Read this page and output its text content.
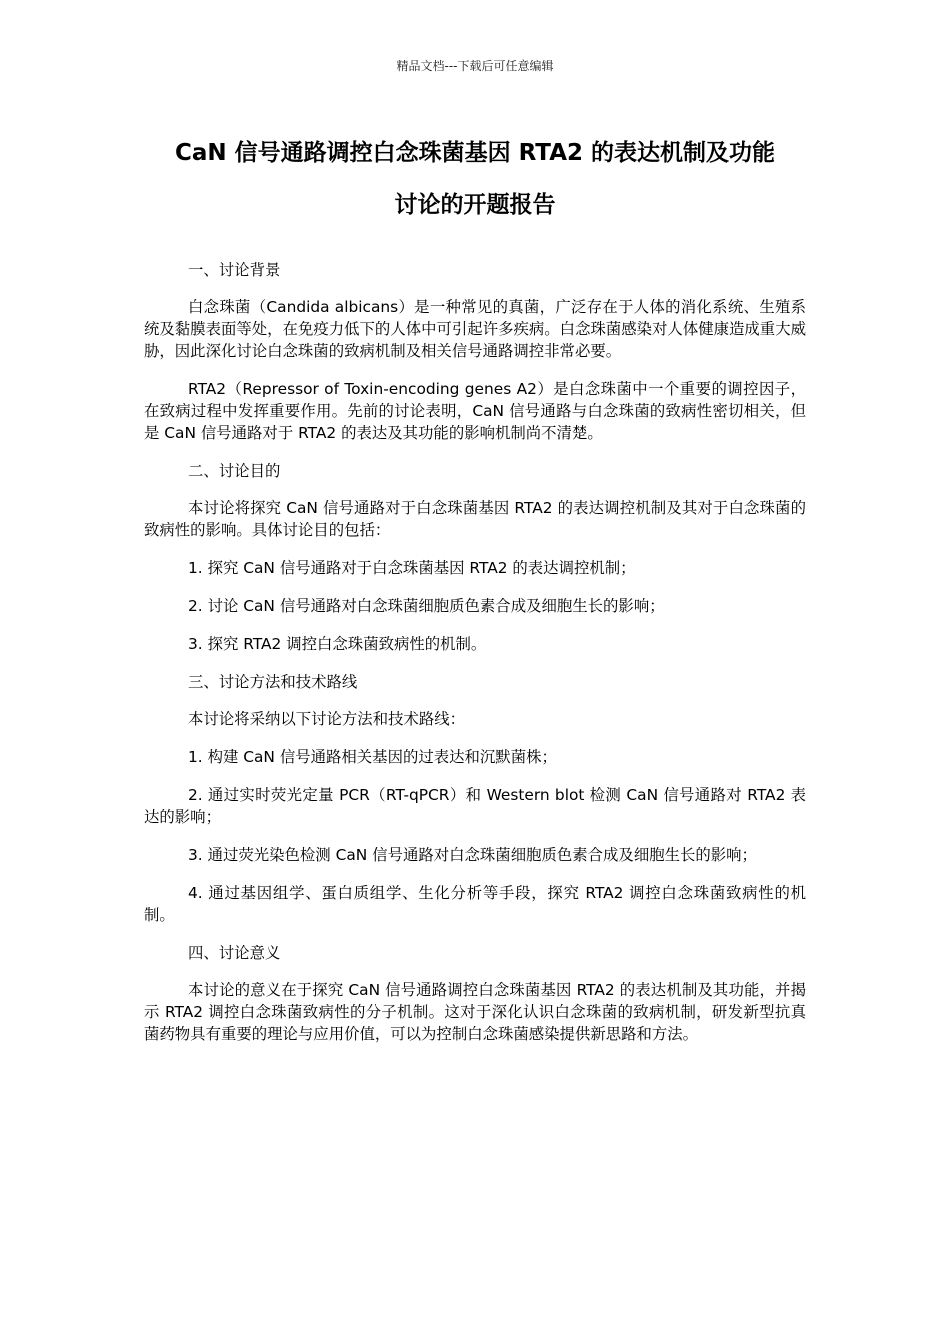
精品文档---下载后可任意编辑
CaN 信号通路调控白念珠菌基因 RTA2 的表达机制及功能
讨论的开题报告

一、讨论背景

白念珠菌（Candida albicans）是一种常见的真菌，广泛存在于人体的消化系统、生殖系统及黏膜表面等处，在免疫力低下的人体中可引起许多疾病。白念珠菌感染对人体健康造成重大威胁，因此深化讨论白念珠菌的致病机制及相关信号通路调控非常必要。

RTA2（Repressor of Toxin-encoding genes A2）是白念珠菌中一个重要的调控因子，在致病过程中发挥重要作用。先前的讨论表明，CaN 信号通路与白念珠菌的致病性密切相关，但是 CaN 信号通路对于 RTA2 的表达及其功能的影响机制尚不清楚。

二、讨论目的

本讨论将探究 CaN 信号通路对于白念珠菌基因 RTA2 的表达调控机制及其对于白念珠菌的致病性的影响。具体讨论目的包括：

1. 探究 CaN 信号通路对于白念珠菌基因 RTA2 的表达调控机制；

2. 讨论 CaN 信号通路对白念珠菌细胞质色素合成及细胞生长的影响；

3. 探究 RTA2 调控白念珠菌致病性的机制。

三、讨论方法和技术路线

本讨论将采纳以下讨论方法和技术路线：

1. 构建 CaN 信号通路相关基因的过表达和沉默菌株；

2. 通过实时荧光定量 PCR（RT-qPCR）和 Western blot 检测 CaN 信号通路对 RTA2 表达的影响；

3. 通过荧光染色检测 CaN 信号通路对白念珠菌细胞质色素合成及细胞生长的影响；

4. 通过基因组学、蛋白质组学、生化分析等手段，探究 RTA2 调控白念珠菌致病性的机制。

四、讨论意义

本讨论的意义在于探究 CaN 信号通路调控白念珠菌基因 RTA2 的表达机制及其功能，并揭示 RTA2 调控白念珠菌致病性的分子机制。这对于深化认识白念珠菌的致病机制，研发新型抗真菌药物具有重要的理论与应用价值，可以为控制白念珠菌感染提供新思路和方法。
